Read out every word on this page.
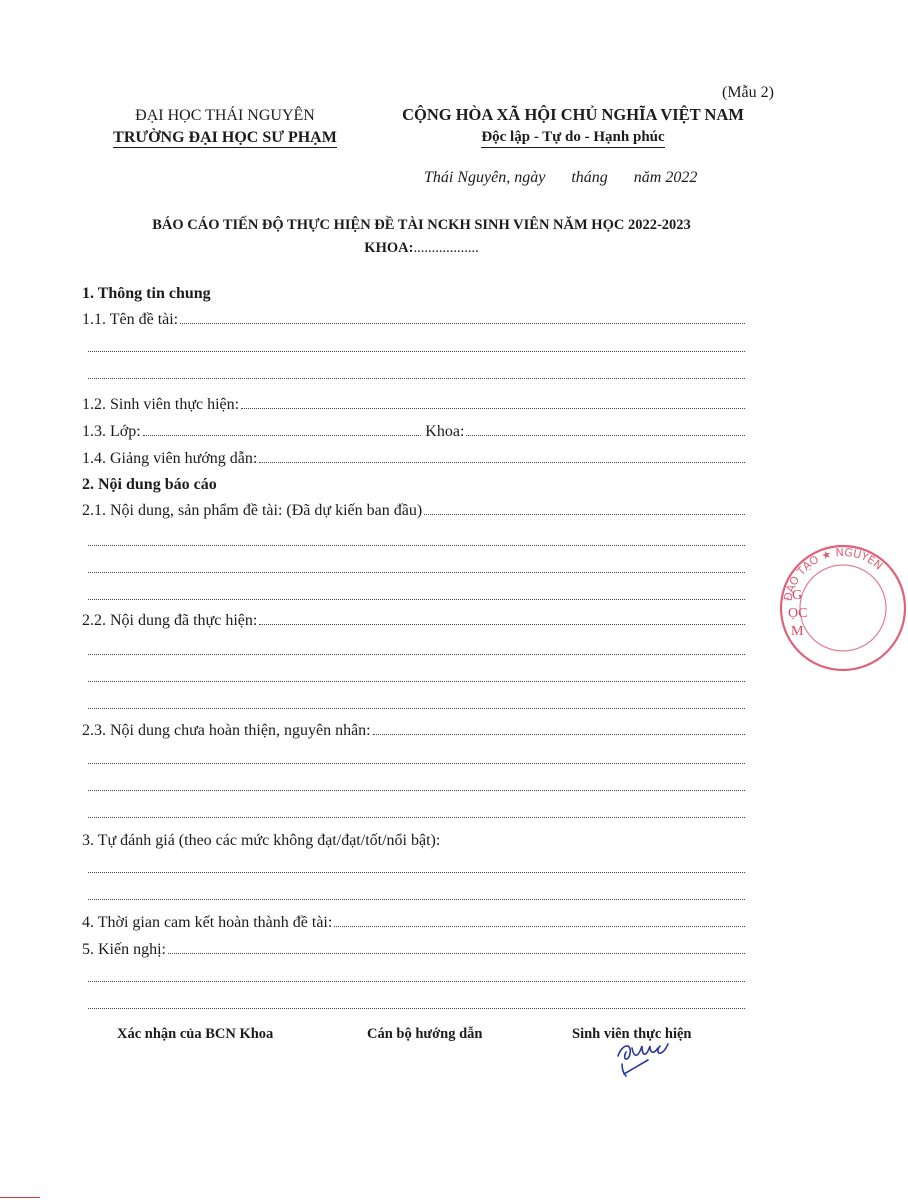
(Mẫu 2)
ĐẠI HỌC THÁI NGUYÊN
TRƯỜNG ĐẠI HỌC SƯ PHẠM
CỘNG HÒA XÃ HỘI CHỦ NGHĨA VIỆT NAM
Độc lập - Tự do - Hạnh phúc
Thái Nguyên, ngày tháng năm 2022
BÁO CÁO TIẾN ĐỘ THỰC HIỆN ĐỀ TÀI NCKH SINH VIÊN NĂM HỌC 2022-2023
KHOA:..................
1. Thông tin chung
1.1. Tên đề tài:
1.2. Sinh viên thực hiện:
1.3. Lớp:	Khoa:
1.4. Giảng viên hướng dẫn:
2. Nội dung báo cáo
2.1. Nội dung, sản phẩm đề tài: (Đã dự kiến ban đầu)
2.2. Nội dung đã thực hiện:
2.3. Nội dung chưa hoàn thiện, nguyên nhân:
3. Tự đánh giá (theo các mức không đạt/đạt/tốt/nổi bật):
4. Thời gian cam kết hoàn thành đề tài:
5. Kiến nghị:
Xác nhận của BCN Khoa	Cán bộ hướng dẫn	Sinh viên thực hiện
ĐÀO TẠO ★ NGUYÊN
G
ỌC
M
